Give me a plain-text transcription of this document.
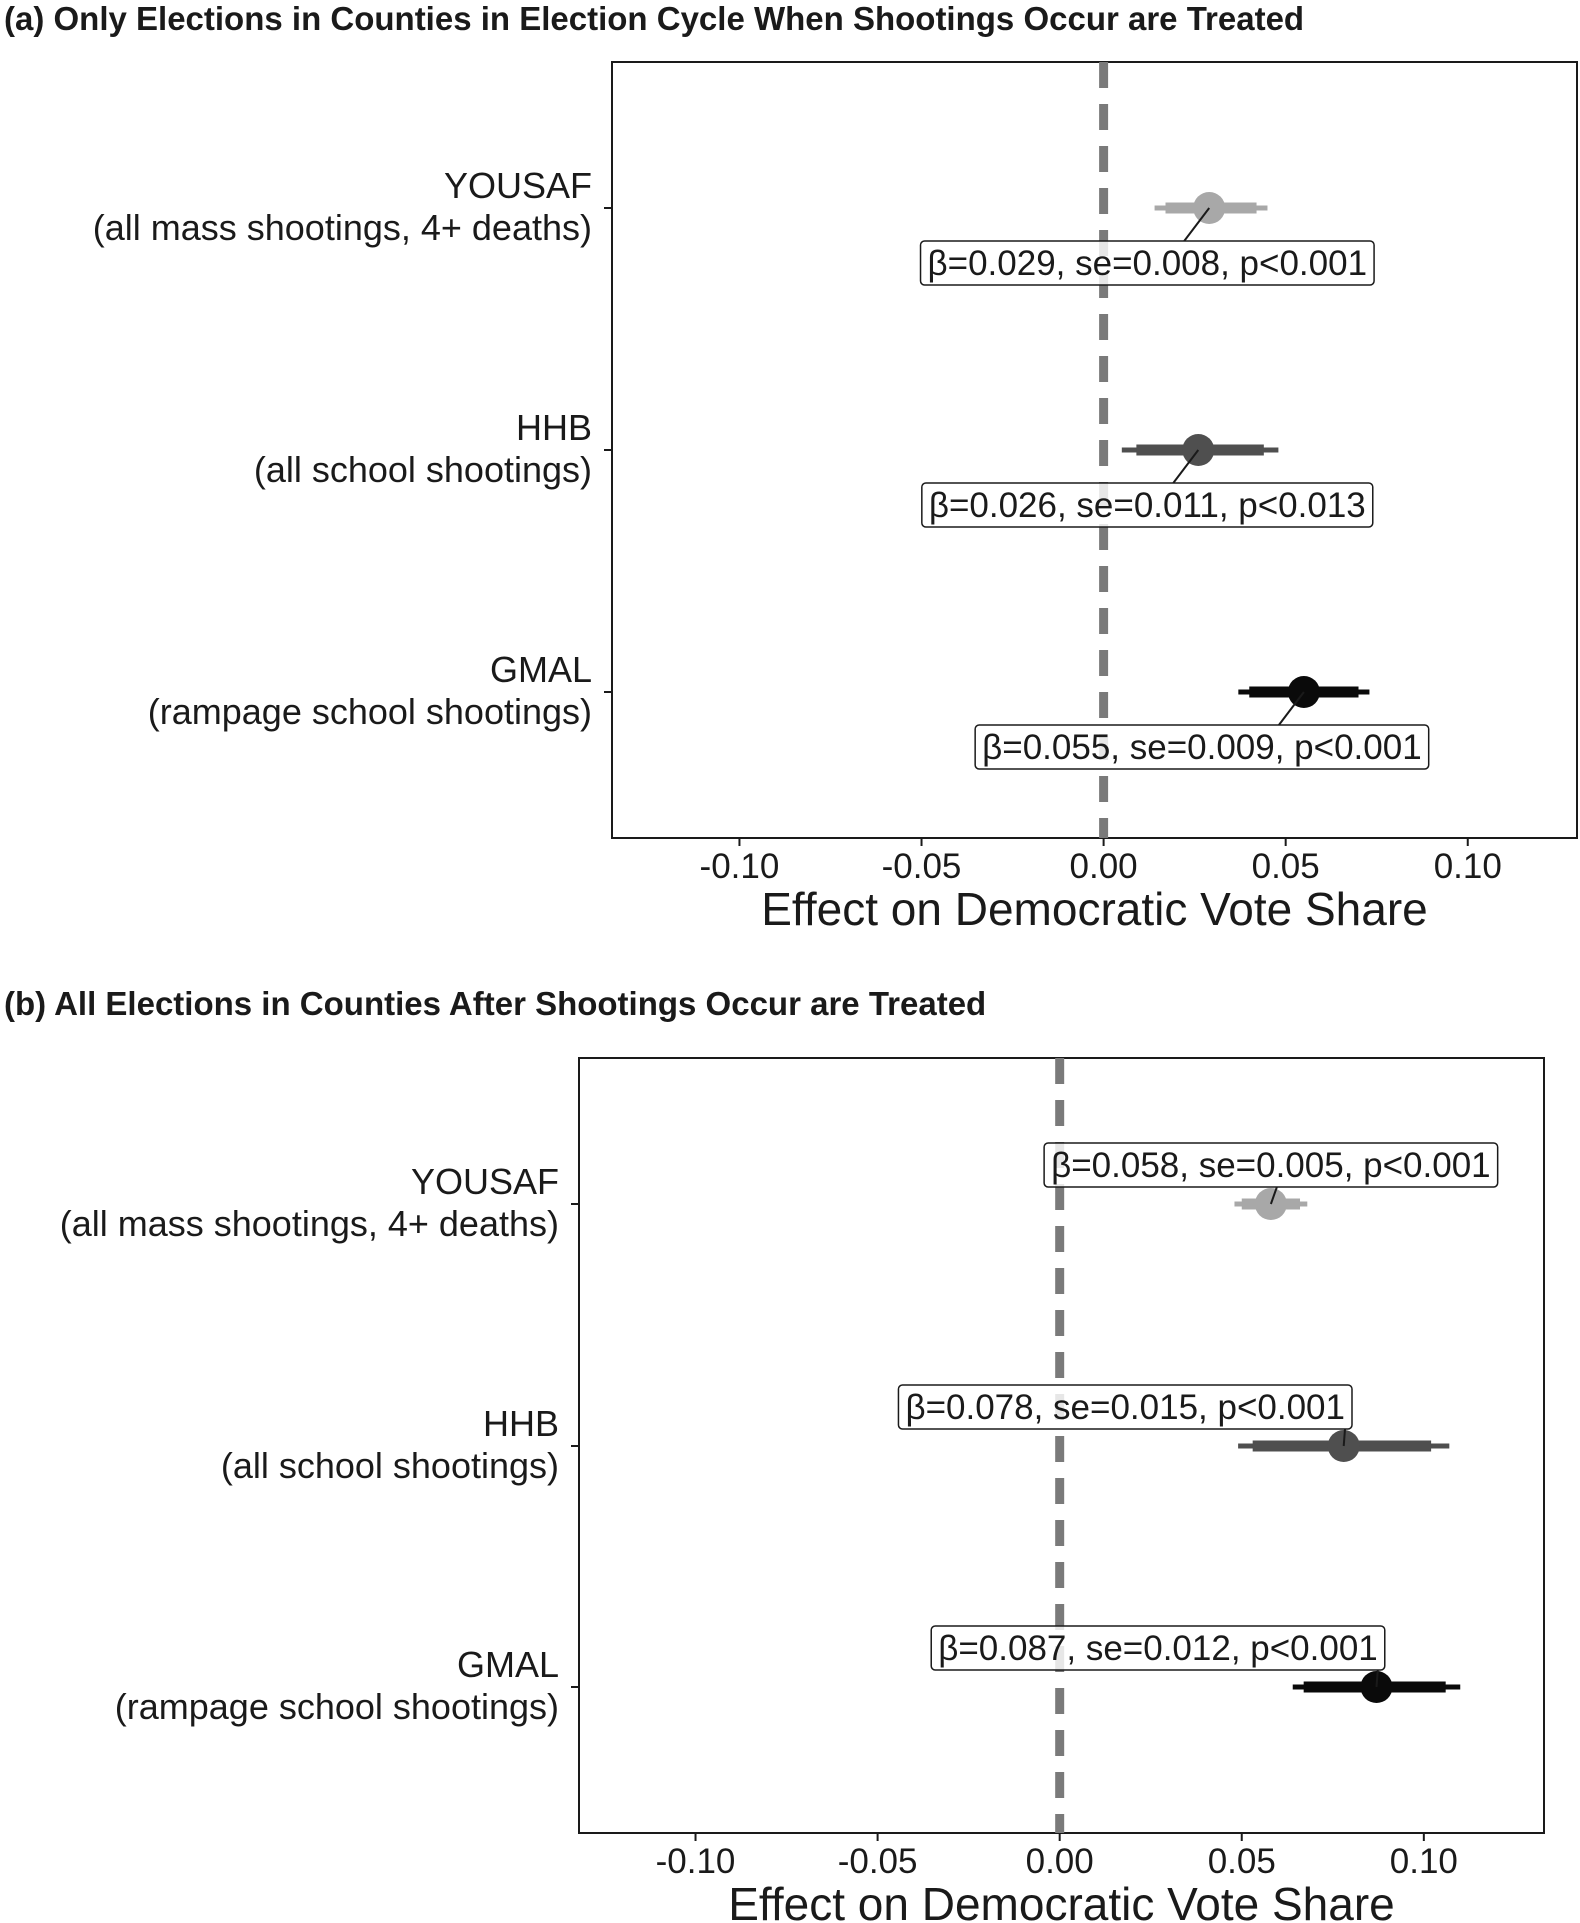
(a) Only Elections in Counties in Election Cycle When Shootings Occur are Treated
-0.10	-0.05	0.00	0.05	0.10
Effect on Democratic Vote Share
YOUSAF
(all mass shootings, 4+ deaths)
β=0.029, se=0.008, p<0.001
HHB
(all school shootings)
β=0.026, se=0.011, p<0.013
GMAL
(rampage school shootings)
β=0.055, se=0.009, p<0.001
(b) All Elections in Counties After Shootings Occur are Treated
-0.10	-0.05	0.00	0.05	0.10
Effect on Democratic Vote Share
YOUSAF
(all mass shootings, 4+ deaths)
β=0.058, se=0.005, p<0.001
HHB
(all school shootings)
β=0.078, se=0.015, p<0.001
GMAL
(rampage school shootings)
β=0.087, se=0.012, p<0.001
